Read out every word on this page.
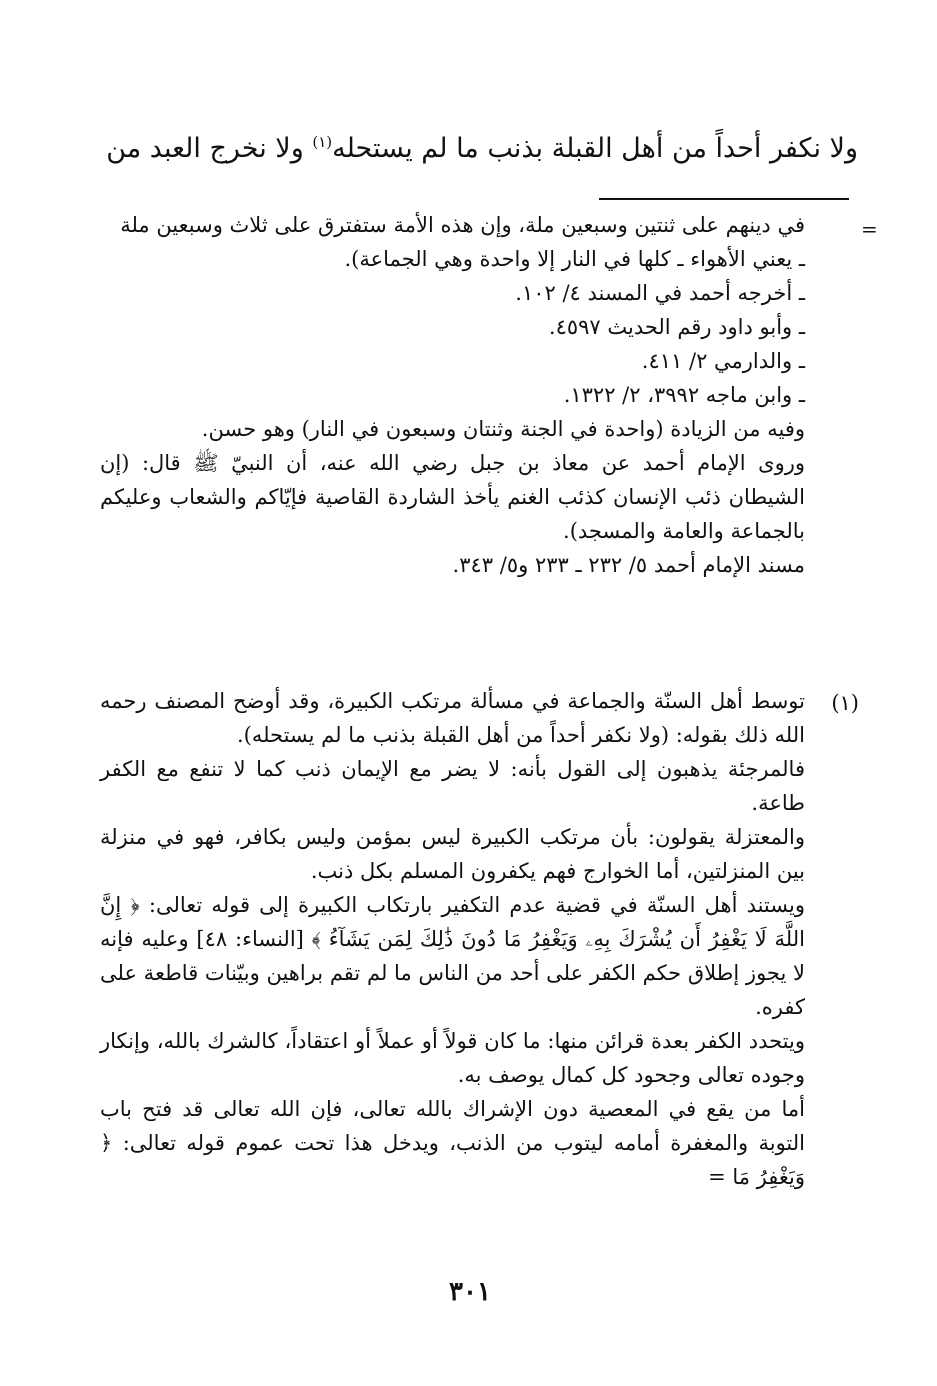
ولا نكفر أحداً من أهل القبلة بذنب ما لم يستحله$^{(١)}$ ولا نخرج العبد من
=

في دينهم على ثنتين وسبعين ملة، وإن هذه الأمة ستفترق على ثلاث وسبعين ملة

ـ يعني الأهواء ـ كلها في النار إلا واحدة وهي الجماعة).

ـ أخرجه أحمد في المسند ٤/ ١٠٢.

ـ وأبو داود رقم الحديث ٤٥٩٧.

ـ والدارمي ٢/ ٤١١.

ـ وابن ماجه ٣٩٩٢، ٢/ ١٣٢٢.

وفيه من الزيادة (واحدة في الجنة وثنتان وسبعون في النار) وهو حسن.

وروى الإمام أحمد عن معاذ بن جبل رضي الله عنه، أن النبيّ ﷺ قال: (إن الشيطان ذئب الإنسان كذئب الغنم يأخذ الشاردة القاصية فإيّاكم والشعاب وعليكم بالجماعة والعامة والمسجد).

مسند الإمام أحمد ٥/ ٢٣٢ ـ ٢٣٣ و٥/ ٣٤٣.

(١)

توسط أهل السنّة والجماعة في مسألة مرتكب الكبيرة، وقد أوضح المصنف رحمه الله ذلك بقوله: (ولا نكفر أحداً من أهل القبلة بذنب ما لم يستحله).

فالمرجئة يذهبون إلى القول بأنه: لا يضر مع الإيمان ذنب كما لا تنفع مع الكفر طاعة.

والمعتزلة يقولون: بأن مرتكب الكبيرة ليس بمؤمن وليس بكافر، فهو في منزلة بين المنزلتين، أما الخوارج فهم يكفرون المسلم بكل ذنب.

ويستند أهل السنّة في قضية عدم التكفير بارتكاب الكبيرة إلى قوله تعالى: ﴿ إِنَّ اللَّهَ لَا يَغْفِرُ أَن يُشْرَكَ بِهِۦ وَيَغْفِرُ مَا دُونَ ذَٰلِكَ لِمَن يَشَآءُ ﴾ [النساء: ٤٨] وعليه فإنه لا يجوز إطلاق حكم الكفر على أحد من الناس ما لم تقم براهين وبيّنات قاطعة على كفره.

ويتحدد الكفر بعدة قرائن منها: ما كان قولاً أو عملاً أو اعتقاداً، كالشرك بالله، وإنكار وجوده تعالى وجحود كل كمال يوصف به.

أما من يقع في المعصية دون الإشراك بالله تعالى، فإن الله تعالى قد فتح باب التوبة والمغفرة أمامه ليتوب من الذنب، ويدخل هذا تحت عموم قوله تعالى: ﴿ وَيَغْفِرُ مَا =

٣٠١
